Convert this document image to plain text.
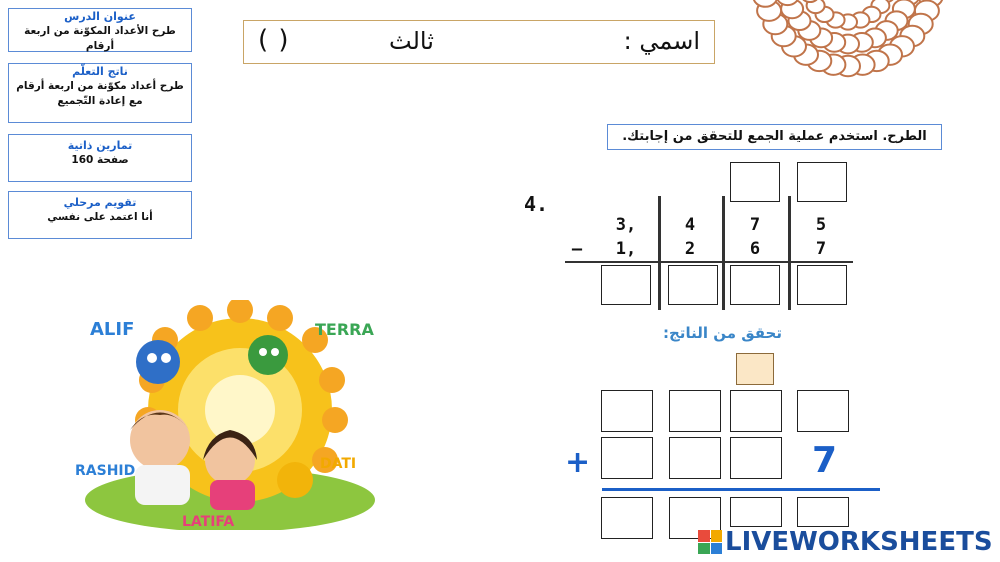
عنوان الدرس
طرح الأعداد المكوّنة من اربعة أرقام
ناتج التعلّم
طرح أعداد مكوّنة من اربعة أرقام مع إعادة التّجميع
تمارين ذاتية
صفحة 160
تقويم مرحلي
أنا اعتمد على نفسي
اسمي :
ثالث
( )
الطرح. استخدم عملية الجمع للتحقق من إجابتك.
4.
3,	4	7	5
—	1,	2	6	7
تحقق من الناتج:
+	7
ALIF	TERRA
RASHID
LATIFA
DATI
LIVEWORKSHEETS
